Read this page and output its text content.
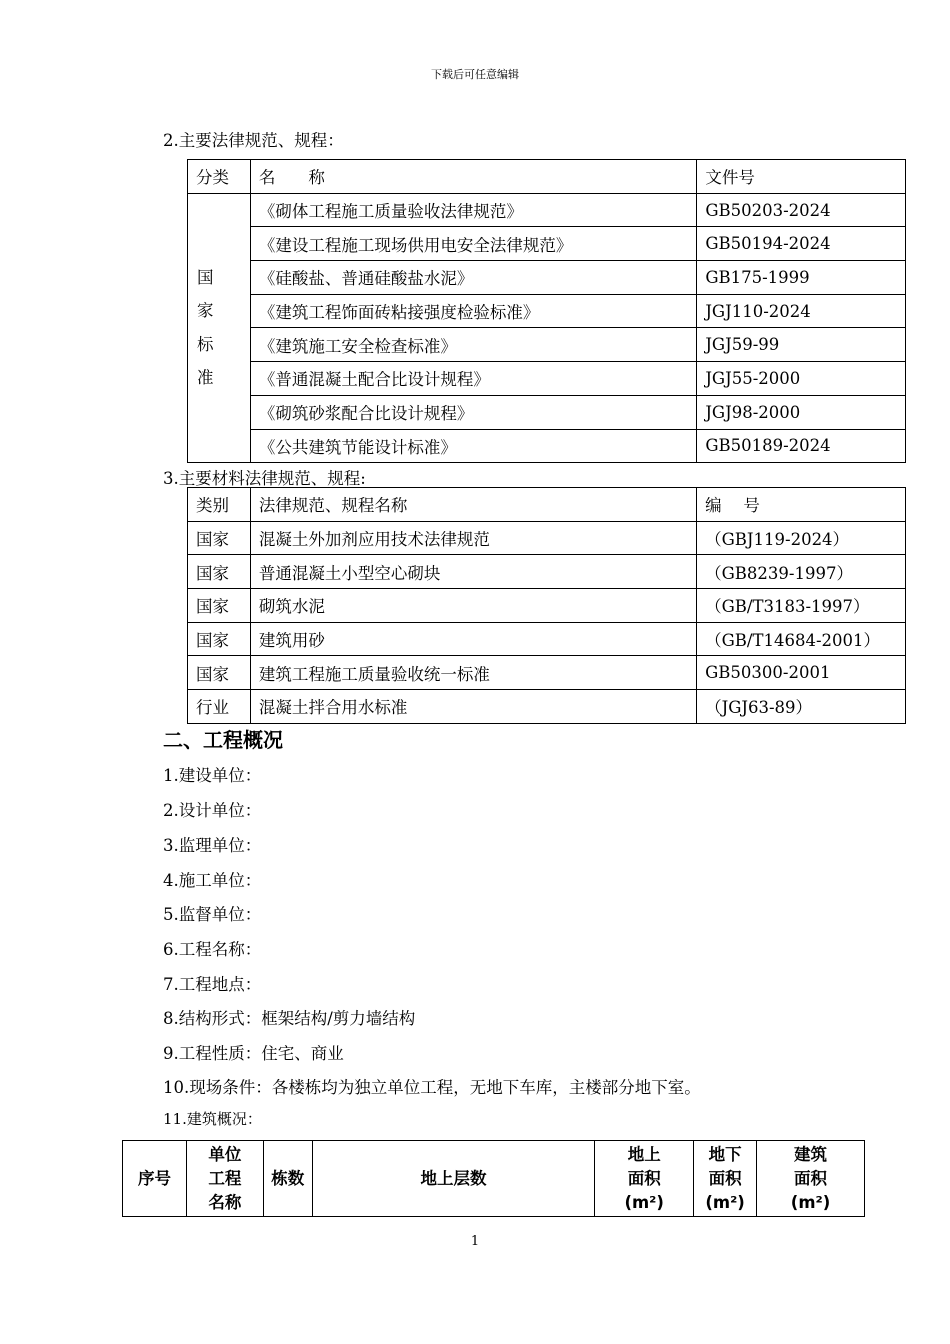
下载后可任意编辑
2.主要法律规范、规程：
分类	名　　称	文件号
国
家
标
准	《砌体工程施工质量验收法律规范》	GB50203-2024
	《建设工程施工现场供用电安全法律规范》	GB50194-2024
	《硅酸盐、普通硅酸盐水泥》	GB175-1999
	《建筑工程饰面砖粘接强度检验标准》	JGJ110-2024
	《建筑施工安全检查标准》	JGJ59-99
	《普通混凝土配合比设计规程》	JGJ55-2000
	《砌筑砂浆配合比设计规程》	JGJ98-2000
	《公共建筑节能设计标准》	GB50189-2024
3.主要材料法律规范、规程:
类别	法律规范、规程名称	编　 号
国家	混凝土外加剂应用技术法律规范	（GBJ119-2024）
国家	普通混凝土小型空心砌块	（GB8239-1997）
国家	砌筑水泥	（GB/T3183-1997）
国家	建筑用砂	（GB/T14684-2001）
国家	建筑工程施工质量验收统一标准	GB50300-2001
行业	混凝土拌合用水标准	（JGJ63-89）
二、工程概况
1.建设单位：
2.设计单位：
3.监理单位：
4.施工单位：
5.监督单位：
6.工程名称：
7.工程地点：
8.结构形式：框架结构/剪力墙结构
9.工程性质：住宅、商业
10.现场条件：各楼栋均为独立单位工程，无地下车库，主楼部分地下室。
11.建筑概况：
序号	单位
工程
名称	栋数	地上层数	地上
面积
(m²)	地下
面积
(m²)	建筑
面积
(m²)
1
